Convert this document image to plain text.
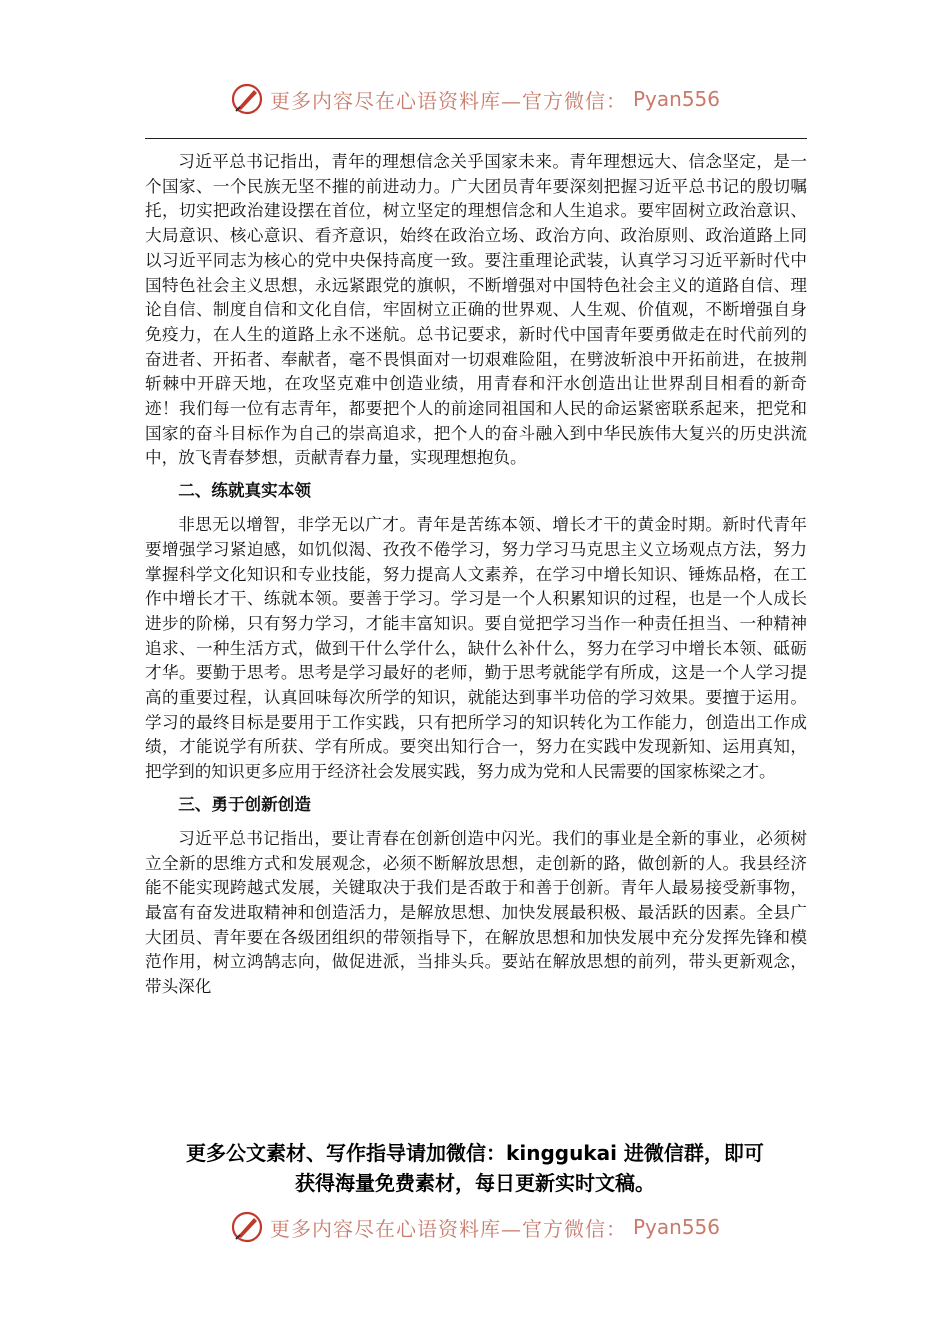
更多内容尽在心语资料库—官方微信： Pyan556

习近平总书记指出，青年的理想信念关乎国家未来。青年理想远大、信念坚定，是一个国家、一个民族无坚不摧的前进动力。广大团员青年要深刻把握习近平总书记的殷切嘱托，切实把政治建设摆在首位，树立坚定的理想信念和人生追求。要牢固树立政治意识、大局意识、核心意识、看齐意识，始终在政治立场、政治方向、政治原则、政治道路上同以习近平同志为核心的党中央保持高度一致。要注重理论武装，认真学习习近平新时代中国特色社会主义思想，永远紧跟党的旗帜，不断增强对中国特色社会主义的道路自信、理论自信、制度自信和文化自信，牢固树立正确的世界观、人生观、价值观，不断增强自身免疫力，在人生的道路上永不迷航。总书记要求，新时代中国青年要勇做走在时代前列的奋进者、开拓者、奉献者，毫不畏惧面对一切艰难险阻，在劈波斩浪中开拓前进，在披荆斩棘中开辟天地，在攻坚克难中创造业绩，用青春和汗水创造出让世界刮目相看的新奇迹！我们每一位有志青年，都要把个人的前途同祖国和人民的命运紧密联系起来，把党和国家的奋斗目标作为自己的崇高追求，把个人的奋斗融入到中华民族伟大复兴的历史洪流中，放飞青春梦想，贡献青春力量，实现理想抱负。

二、练就真实本领

非思无以增智，非学无以广才。青年是苦练本领、增长才干的黄金时期。新时代青年要增强学习紧迫感，如饥似渴、孜孜不倦学习，努力学习马克思主义立场观点方法，努力掌握科学文化知识和专业技能，努力提高人文素养，在学习中增长知识、锤炼品格，在工作中增长才干、练就本领。要善于学习。学习是一个人积累知识的过程，也是一个人成长进步的阶梯，只有努力学习，才能丰富知识。要自觉把学习当作一种责任担当、一种精神追求、一种生活方式，做到干什么学什么，缺什么补什么，努力在学习中增长本领、砥砺才华。要勤于思考。思考是学习最好的老师，勤于思考就能学有所成，这是一个人学习提高的重要过程，认真回味每次所学的知识，就能达到事半功倍的学习效果。要擅于运用。学习的最终目标是要用于工作实践，只有把所学习的知识转化为工作能力，创造出工作成绩，才能说学有所获、学有所成。要突出知行合一，努力在实践中发现新知、运用真知，把学到的知识更多应用于经济社会发展实践，努力成为党和人民需要的国家栋梁之才。

三、勇于创新创造

习近平总书记指出，要让青春在创新创造中闪光。我们的事业是全新的事业，必须树立全新的思维方式和发展观念，必须不断解放思想，走创新的路，做创新的人。我县经济能不能实现跨越式发展，关键取决于我们是否敢于和善于创新。青年人最易接受新事物，最富有奋发进取精神和创造活力，是解放思想、加快发展最积极、最活跃的因素。全县广大团员、青年要在各级团组织的带领指导下，在解放思想和加快发展中充分发挥先锋和模范作用，树立鸿鹄志向，做促进派，当排头兵。要站在解放思想的前列，带头更新观念，带头深化

更多公文素材、写作指导请加微信：kinggukai 进微信群，即可
获得海量免费素材，每日更新实时文稿。
更多内容尽在心语资料库—官方微信： Pyan556
